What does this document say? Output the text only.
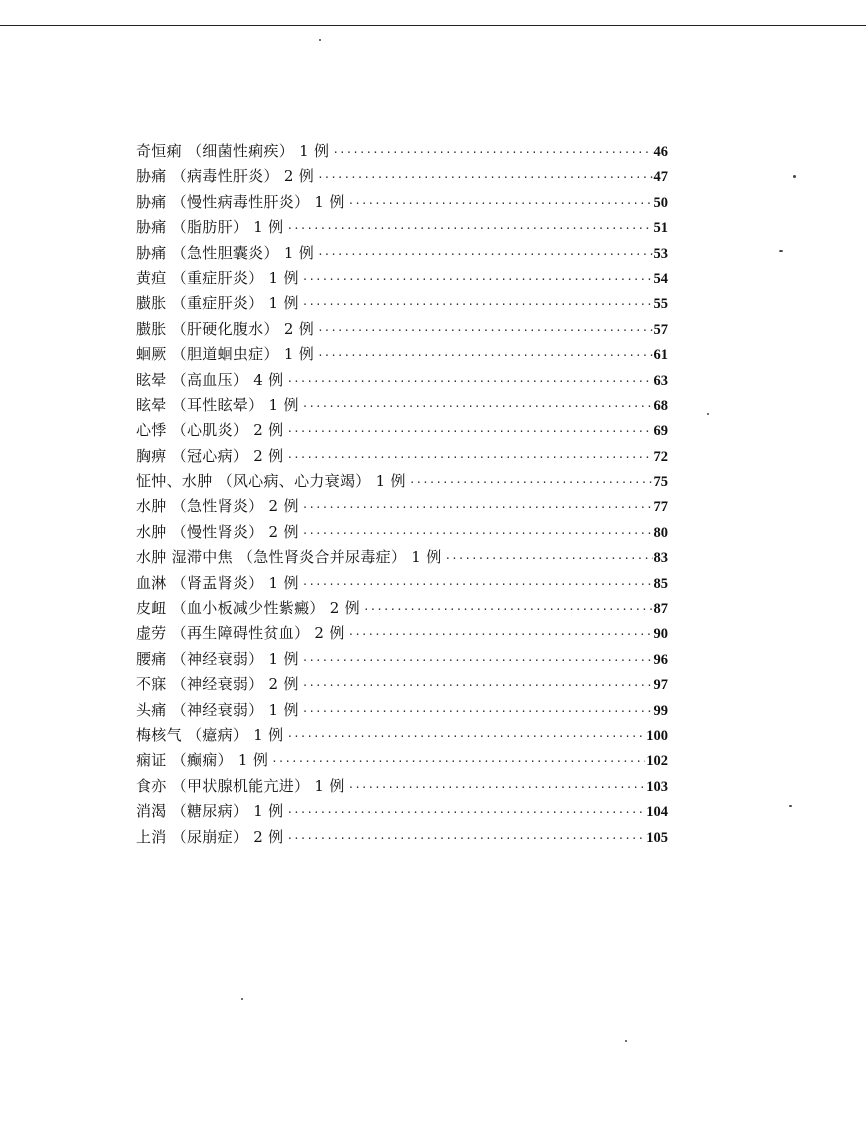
奇恒痢 （细菌性痢疾） 1 例 ·····	46
胁痛 （病毒性肝炎） 2 例 ·····	47
胁痛 （慢性病毒性肝炎） 1 例 ·····	50
胁痛 （脂肪肝） 1 例 ·····	51
胁痛 （急性胆囊炎） 1 例 ·····	53
黄疸 （重症肝炎） 1 例 ·····	54
臌胀 （重症肝炎） 1 例 ·····	55
臌胀 （肝硬化腹水） 2 例 ·····	57
蛔厥 （胆道蛔虫症） 1 例 ·····	61
眩晕 （高血压） 4 例 ·····	63
眩晕 （耳性眩晕） 1 例 ·····	68
心悸 （心肌炎） 2 例 ·····	69
胸痹 （冠心病） 2 例 ·····	72
怔忡、水肿 （风心病、心力衰竭） 1 例 ·····	75
水肿 （急性肾炎） 2 例 ·····	77
水肿 （慢性肾炎） 2 例 ·····	80
水肿 湿滞中焦 （急性肾炎合并尿毒症） 1 例 ·····	83
血淋 （肾盂肾炎） 1 例 ·····	85
皮衄 （血小板减少性紫癜） 2 例 ·····	87
虚劳 （再生障碍性贫血） 2 例 ·····	90
腰痛 （神经衰弱） 1 例 ·····	96
不寐 （神经衰弱） 2 例 ·····	97
头痛 （神经衰弱） 1 例 ·····	99
梅核气 （癔病） 1 例 ·····	100
痫证 （癫痫） 1 例 ·····	102
食亦 （甲状腺机能亢进） 1 例 ·····	103
消渴 （糖尿病） 1 例 ·····	104
上消 （尿崩症） 2 例 ·····	105
